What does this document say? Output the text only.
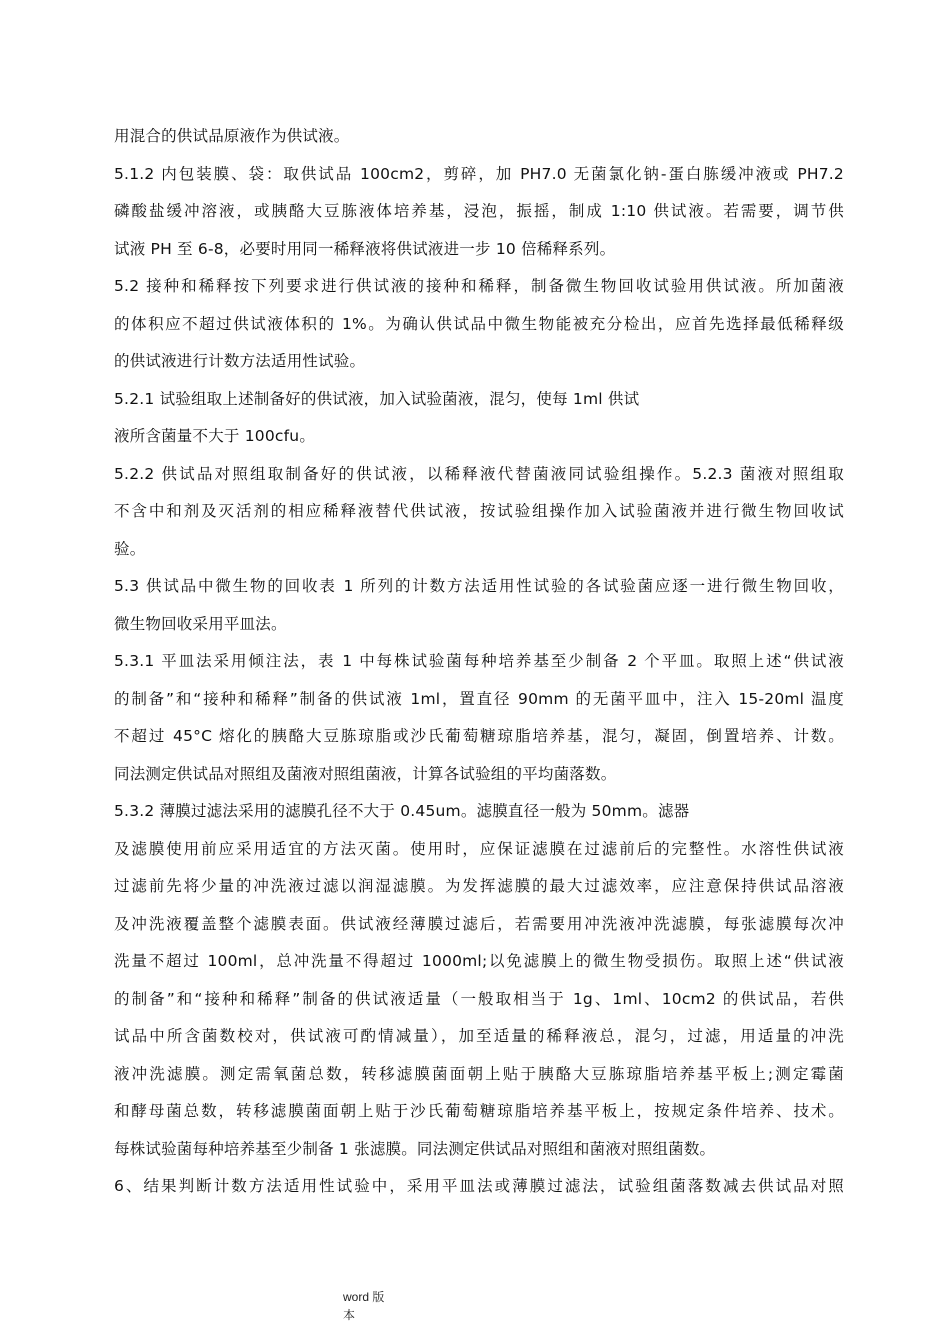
用混合的供试品原液作为供试液。
5.1.2 内包装膜、袋：取供试品 100cm2，剪碎，加 PH7.0 无菌氯化钠-蛋白胨缓冲液或 PH7.2
磷酸盐缓冲溶液，或胰酪大豆胨液体培养基，浸泡，振摇，制成 1:10 供试液。若需要，调节供
试液 PH 至 6-8，必要时用同一稀释液将供试液进一步 10 倍稀释系列。
5.2 接种和稀释按下列要求进行供试液的接种和稀释，制备微生物回收试验用供试液。所加菌液
的体积应不超过供试液体积的 1%。为确认供试品中微生物能被充分检出，应首先选择最低稀释级
的供试液进行计数方法适用性试验。
5.2.1 试验组取上述制备好的供试液，加入试验菌液，混匀，使每 1ml 供试
液所含菌量不大于 100cfu。
5.2.2 供试品对照组取制备好的供试液，以稀释液代替菌液同试验组操作。5.2.3 菌液对照组取
不含中和剂及灭活剂的相应稀释液替代供试液，按试验组操作加入试验菌液并进行微生物回收试
验。
5.3 供试品中微生物的回收表 1 所列的计数方法适用性试验的各试验菌应逐一进行微生物回收，
微生物回收采用平皿法。
5.3.1 平皿法采用倾注法，表 1 中每株试验菌每种培养基至少制备 2 个平皿。取照上述“供试液
的制备”和“接种和稀释”制备的供试液 1ml，置直径 90mm 的无菌平皿中，注入 15-20ml 温度
不超过 45°C 熔化的胰酪大豆胨琼脂或沙氏葡萄糖琼脂培养基，混匀，凝固，倒置培养、计数。
同法测定供试品对照组及菌液对照组菌液，计算各试验组的平均菌落数。
5.3.2 薄膜过滤法采用的滤膜孔径不大于 0.45um。滤膜直径一般为 50mm。滤器
及滤膜使用前应采用适宜的方法灭菌。使用时，应保证滤膜在过滤前后的完整性。水溶性供试液
过滤前先将少量的冲洗液过滤以润湿滤膜。为发挥滤膜的最大过滤效率，应注意保持供试品溶液
及冲洗液覆盖整个滤膜表面。供试液经薄膜过滤后，若需要用冲洗液冲洗滤膜，每张滤膜每次冲
洗量不超过 100ml，总冲洗量不得超过 1000ml;以免滤膜上的微生物受损伤。取照上述“供试液
的制备”和“接种和稀释”制备的供试液适量（一般取相当于 1g、1ml、10cm2 的供试品，若供
试品中所含菌数校对，供试液可酌情减量），加至适量的稀释液总，混匀，过滤，用适量的冲洗
液冲洗滤膜。测定需氧菌总数，转移滤膜菌面朝上贴于胰酪大豆胨琼脂培养基平板上;测定霉菌
和酵母菌总数，转移滤膜菌面朝上贴于沙氏葡萄糖琼脂培养基平板上，按规定条件培养、技术。
每株试验菌每种培养基至少制备 1 张滤膜。同法测定供试品对照组和菌液对照组菌数。
6、结果判断计数方法适用性试验中，采用平皿法或薄膜过滤法，试验组菌落数减去供试品对照
word 版
本
